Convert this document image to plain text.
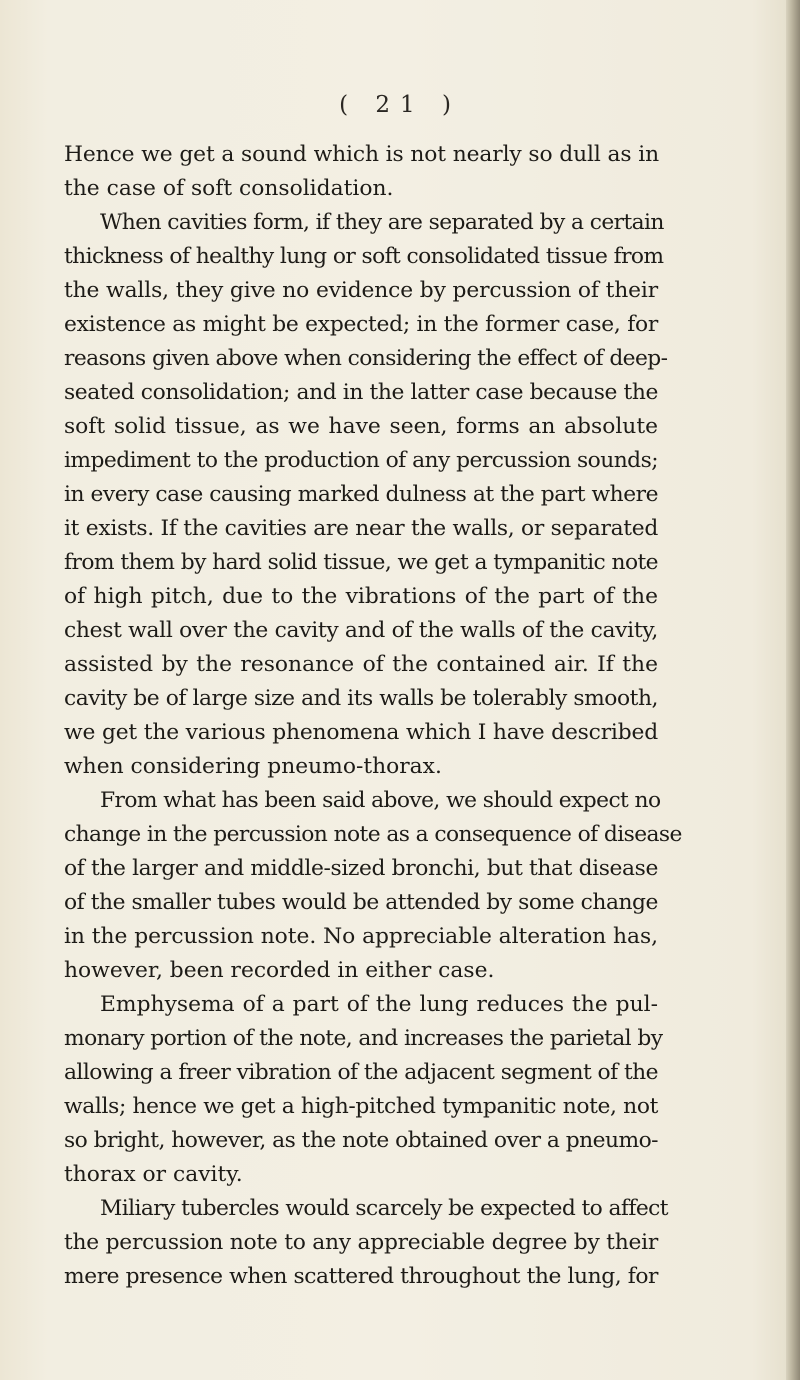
( 21 )
Hence we get a sound which is not nearly so dull as in
the case of soft consolidation.
When cavities form, if they are separated by a certain
thickness of healthy lung or soft consolidated tissue from
the walls, they give no evidence by percussion of their
existence as might be expected; in the former case, for
reasons given above when considering the effect of deep-
seated consolidation; and in the latter case because the
soft solid tissue, as we have seen, forms an absolute
impediment to the production of any percussion sounds;
in every case causing marked dulness at the part where
it exists. If the cavities are near the walls, or separated
from them by hard solid tissue, we get a tympanitic note
of high pitch, due to the vibrations of the part of the
chest wall over the cavity and of the walls of the cavity,
assisted by the resonance of the contained air. If the
cavity be of large size and its walls be tolerably smooth,
we get the various phenomena which I have described
when considering pneumo-thorax.
From what has been said above, we should expect no
change in the percussion note as a consequence of disease
of the larger and middle-sized bronchi, but that disease
of the smaller tubes would be attended by some change
in the percussion note. No appreciable alteration has,
however, been recorded in either case.
Emphysema of a part of the lung reduces the pul-
monary portion of the note, and increases the parietal by
allowing a freer vibration of the adjacent segment of the
walls; hence we get a high-pitched tympanitic note, not
so bright, however, as the note obtained over a pneumo-
thorax or cavity.
Miliary tubercles would scarcely be expected to affect
the percussion note to any appreciable degree by their
mere presence when scattered throughout the lung, for
